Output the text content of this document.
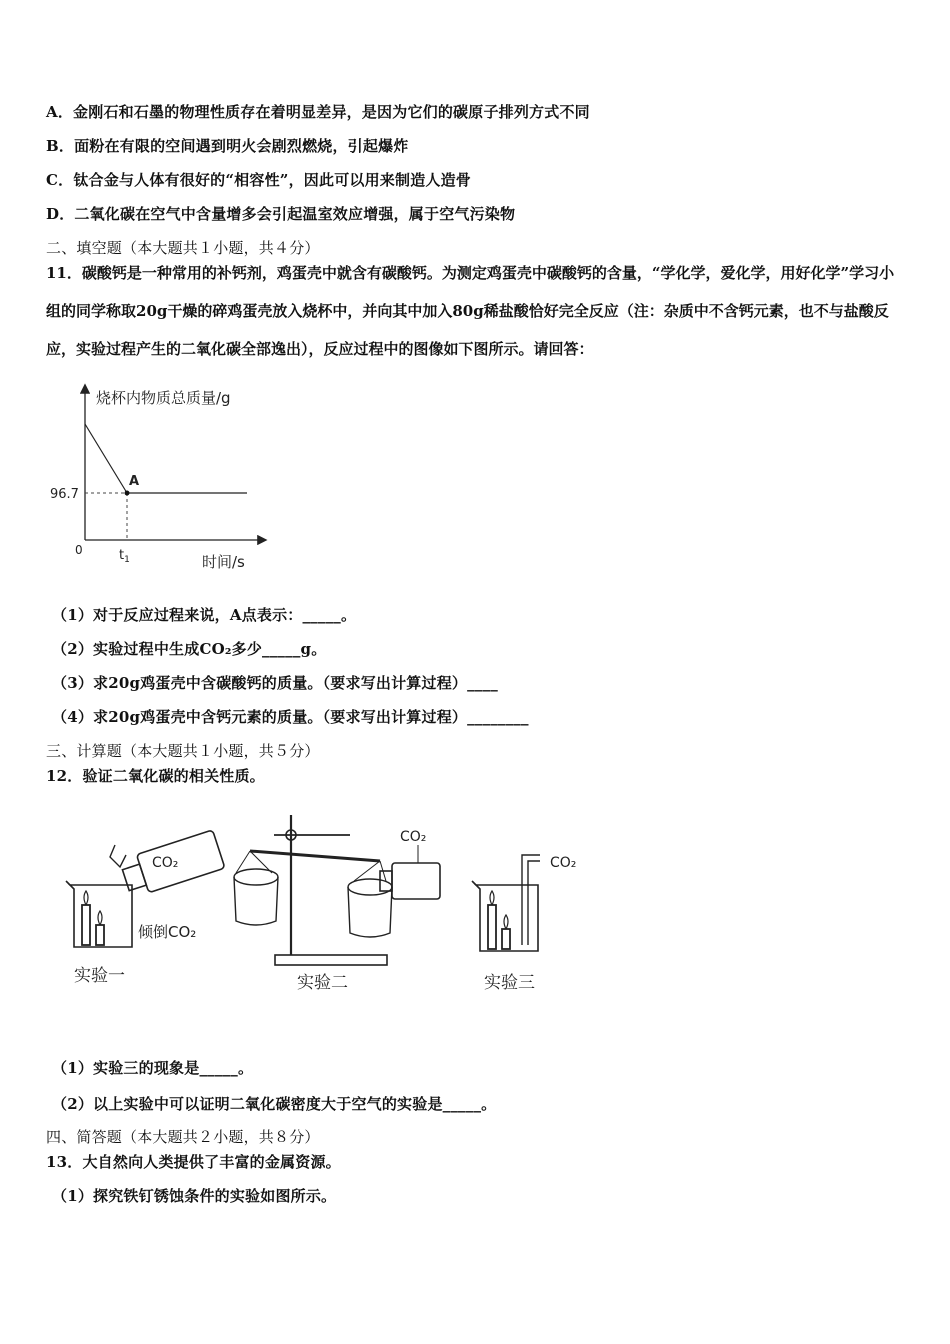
A．金刚石和石墨的物理性质存在着明显差异，是因为它们的碳原子排列方式不同
B．面粉在有限的空间遇到明火会剧烈燃烧，引起爆炸
C．钛合金与人体有很好的“相容性”，因此可以用来制造人造骨
D．二氧化碳在空气中含量增多会引起温室效应增强，属于空气污染物
二、填空题（本大题共１小题，共４分）
11．碳酸钙是一种常用的补钙剂，鸡蛋壳中就含有碳酸钙。为测定鸡蛋壳中碳酸钙的含量，“学化学，爱化学，用好化学”学习小组的同学称取20g干燥的碎鸡蛋壳放入烧杯中，并向其中加入80g稀盐酸恰好完全反应（注：杂质中不含钙元素，也不与盐酸反应，实验过程产生的二氧化碳全部逸出），反应过程中的图像如下图所示。请回答：
烧杯内物质总质量/g
96.7
A
0	$t_1$	时间/s
（1）对于反应过程来说，A点表示：_____。
（2）实验过程中生成CO₂多少_____g。
（3）求20g鸡蛋壳中含碳酸钙的质量。（要求写出计算过程）____
（4）求20g鸡蛋壳中含钙元素的质量。（要求写出计算过程）________
三、计算题（本大题共１小题，共５分）
12．验证二氧化碳的相关性质。
CO₂
倾倒CO₂
实验一
CO₂
实验二
CO₂
实验三
（1）实验三的现象是_____。
（2）以上实验中可以证明二氧化碳密度大于空气的实验是_____。
四、简答题（本大题共２小题，共８分）
13．大自然向人类提供了丰富的金属资源。
（1）探究铁钉锈蚀条件的实验如图所示。
